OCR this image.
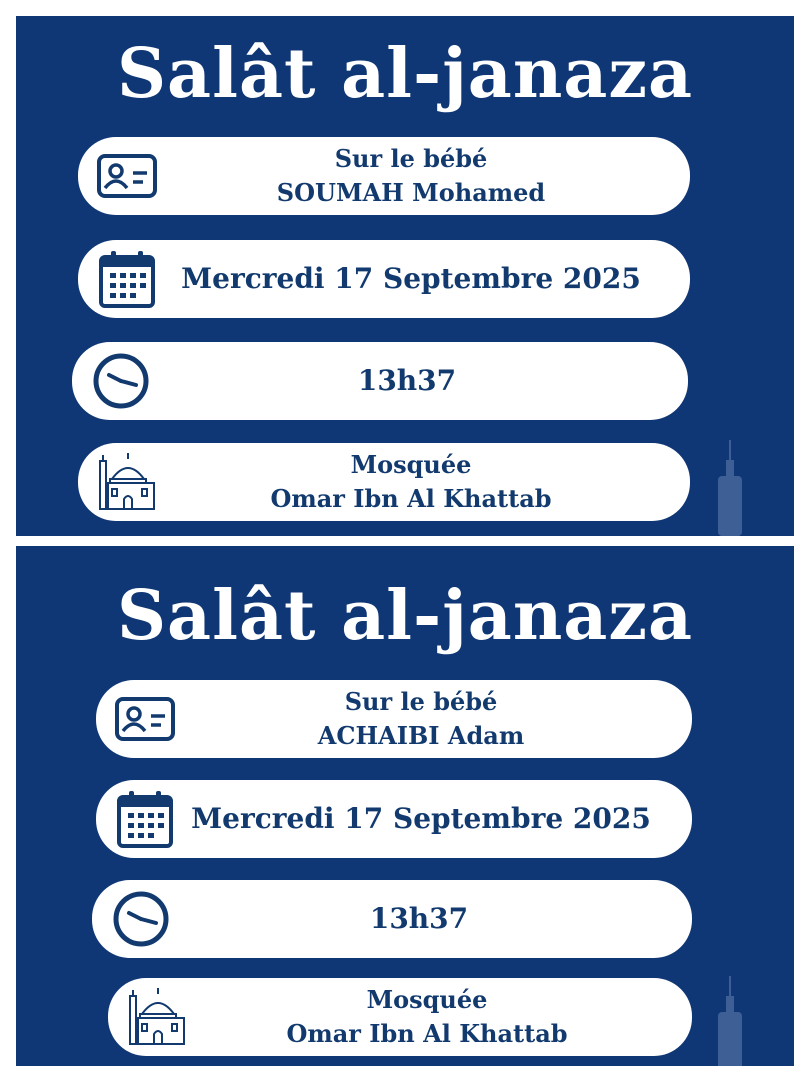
Salât al-janaza
Sur le bébé
SOUMAH Mohamed
Mercredi 17 Septembre 2025
13h37
Mosquée
Omar Ibn Al Khattab
Salât al-janaza
Sur le bébé
ACHAIBI Adam
Mercredi 17 Septembre 2025
13h37
Mosquée
Omar Ibn Al Khattab
